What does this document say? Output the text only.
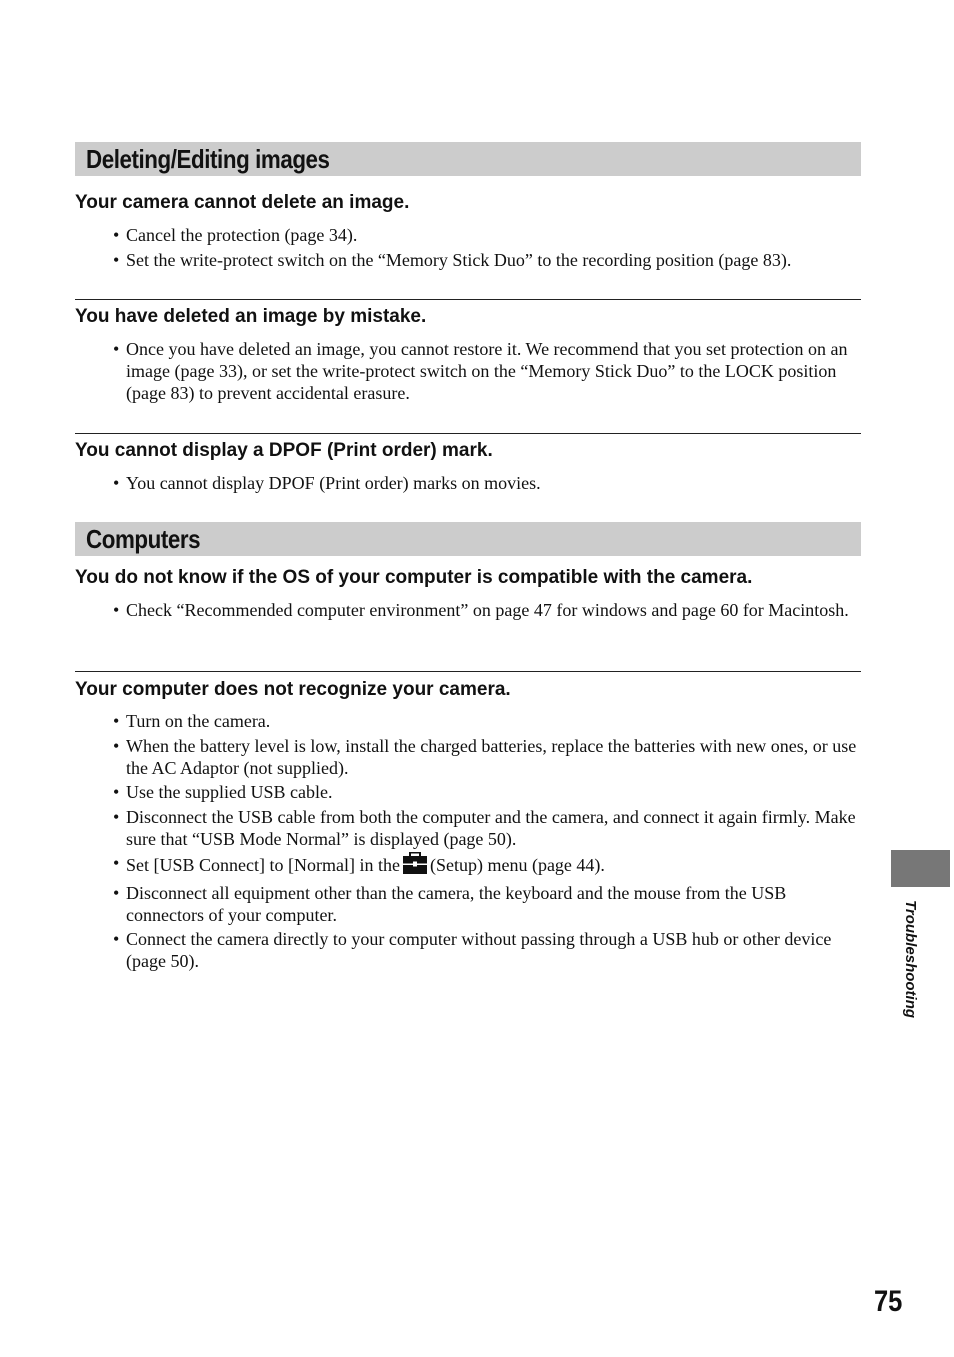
Deleting/Editing images
Your camera cannot delete an image.
• Cancel the protection (page 34).
• Set the write-protect switch on the “Memory Stick Duo” to the recording position (page 83).
You have deleted an image by mistake.
• Once you have deleted an image, you cannot restore it. We recommend that you set protection on an image (page 33), or set the write-protect switch on the “Memory Stick Duo” to the LOCK position (page 83) to prevent accidental erasure.
You cannot display a DPOF (Print order) mark.
• You cannot display DPOF (Print order) marks on movies.
Computers
You do not know if the OS of your computer is compatible with the camera.
• Check “Recommended computer environment” on page 47 for windows and page 60 for Macintosh.
Your computer does not recognize your camera.
• Turn on the camera.
• When the battery level is low, install the charged batteries, replace the batteries with new ones, or use the AC Adaptor (not supplied).
• Use the supplied USB cable.
• Disconnect the USB cable from both the computer and the camera, and connect it again firmly. Make sure that “USB Mode Normal” is displayed (page 50).
• Set [USB Connect] to [Normal] in the (Setup) menu (page 44).
• Disconnect all equipment other than the camera, the keyboard and the mouse from the USB connectors of your computer.
• Connect the camera directly to your computer without passing through a USB hub or other device (page 50).	Troubleshooting
75
